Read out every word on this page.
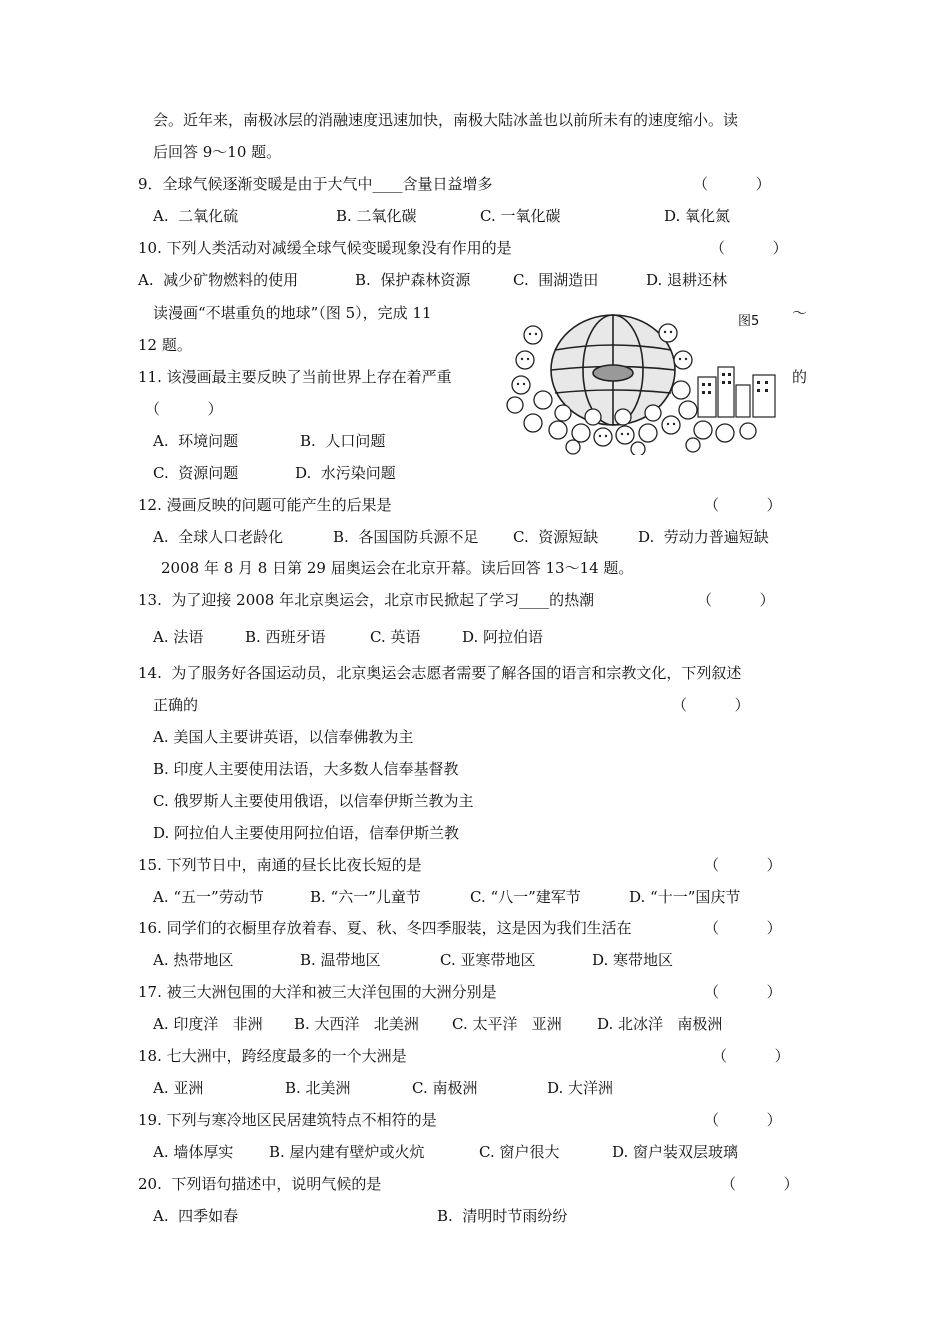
会。近年来，南极冰层的消融速度迅速加快，南极大陆冰盖也以前所未有的速度缩小。读
后回答 9～10 题。
9．全球气候逐渐变暖是由于大气中____含量日益增多	（          ）
A.  二氧化硫	B. 二氧化碳	C. 一氧化碳	D. 氧化氮
10. 下列人类活动对减缓全球气候变暖现象没有作用的是	（          ）
A.  减少矿物燃料的使用	B.  保护森林资源	C.  围湖造田	D. 退耕还林
读漫画“不堪重负的地球”（图 5），完成 11	～
12 题。
图5
11. 该漫画最主要反映了当前世界上存在着严重	的
（          ）
A.  环境问题	B.  人口问题
C.  资源问题	D.  水污染问题
12. 漫画反映的问题可能产生的后果是	（          ）
A.  全球人口老龄化	B.  各国国防兵源不足 C.  资源短缺	D.  劳动力普遍短缺
2008 年 8 月 8 日第 29 届奥运会在北京开幕。读后回答 13～14 题。
13.  为了迎接 2008 年北京奥运会，北京市民掀起了学习____的热潮	（          ）
A. 法语	B. 西班牙语	C. 英语	D. 阿拉伯语
14.  为了服务好各国运动员，北京奥运会志愿者需要了解各国的语言和宗教文化，下列叙述
正确的	（          ）
A. 美国人主要讲英语，以信奉佛教为主
B. 印度人主要使用法语，大多数人信奉基督教
C. 俄罗斯人主要使用俄语，以信奉伊斯兰教为主
D. 阿拉伯人主要使用阿拉伯语，信奉伊斯兰教
15. 下列节日中，南通的昼长比夜长短的是	（          ）
A. “五一”劳动节	B. “六一”儿童节	C. “八一”建军节	D. “十一”国庆节
16. 同学们的衣橱里存放着春、夏、秋、冬四季服装，这是因为我们生活在	（          ）
A. 热带地区	B. 温带地区	C. 亚寒带地区	D. 寒带地区
17. 被三大洲包围的大洋和被三大洋包围的大洲分别是	（          ）
A. 印度洋   非洲 B. 大西洋   北美洲 C. 太平洋   亚洲 D. 北冰洋   南极洲
18. 七大洲中，跨经度最多的一个大洲是	（          ）
A. 亚洲	B. 北美洲	C. 南极洲	D. 大洋洲
19. 下列与寒冷地区民居建筑特点不相符的是	（          ）
A. 墙体厚实 B. 屋内建有壁炉或火炕	C. 窗户很大	D. 窗户装双层玻璃
20.  下列语句描述中，说明气候的是	（          ）
A.  四季如春	B.  清明时节雨纷纷
